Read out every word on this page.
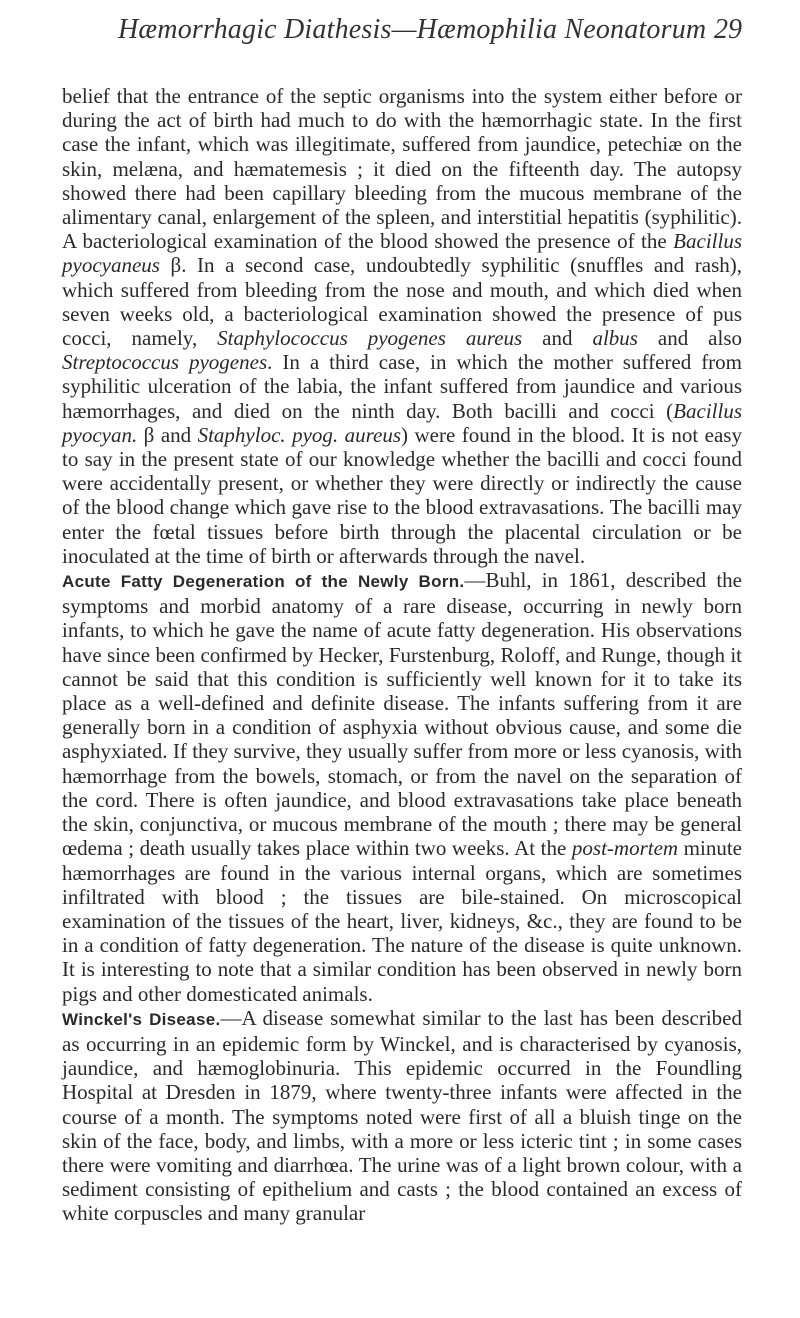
Hæmorrhagic Diathesis—Hæmophilia Neonatorum 29

belief that the entrance of the septic organisms into the system either before or during the act of birth had much to do with the hæmorrhagic state. In the first case the infant, which was illegitimate, suffered from jaundice, petechiæ on the skin, melæna, and hæmatemesis ; it died on the fifteenth day. The autopsy showed there had been capillary bleeding from the mucous membrane of the alimentary canal, enlargement of the spleen, and interstitial hepatitis (syphilitic). A bacteriological examination of the blood showed the presence of the Bacillus pyocyaneus β. In a second case, undoubtedly syphilitic (snuffles and rash), which suffered from bleeding from the nose and mouth, and which died when seven weeks old, a bacteriological examination showed the presence of pus cocci, namely, Staphylococcus pyogenes aureus and albus and also Streptococcus pyogenes. In a third case, in which the mother suffered from syphilitic ulceration of the labia, the infant suffered from jaundice and various hæmorrhages, and died on the ninth day. Both bacilli and cocci (Bacillus pyocyan. β and Staphyloc. pyog. aureus) were found in the blood. It is not easy to say in the present state of our knowledge whether the bacilli and cocci found were accidentally present, or whether they were directly or indirectly the cause of the blood change which gave rise to the blood extravasations. The bacilli may enter the fœtal tissues before birth through the placental circulation or be inoculated at the time of birth or afterwards through the navel.

Acute Fatty Degeneration of the Newly Born.—Buhl, in 1861, described the symptoms and morbid anatomy of a rare disease, occurring in newly born infants, to which he gave the name of acute fatty degeneration. His observations have since been confirmed by Hecker, Furstenburg, Roloff, and Runge, though it cannot be said that this condition is sufficiently well known for it to take its place as a well-defined and definite disease. The infants suffering from it are generally born in a condition of asphyxia without obvious cause, and some die asphyxiated. If they survive, they usually suffer from more or less cyanosis, with hæmorrhage from the bowels, stomach, or from the navel on the separation of the cord. There is often jaundice, and blood extravasations take place beneath the skin, conjunctiva, or mucous membrane of the mouth ; there may be general œdema ; death usually takes place within two weeks. At the post-mortem minute hæmorrhages are found in the various internal organs, which are sometimes infiltrated with blood ; the tissues are bile-stained. On microscopical examination of the tissues of the heart, liver, kidneys, &c., they are found to be in a condition of fatty degeneration. The nature of the disease is quite unknown. It is interesting to note that a similar condition has been observed in newly born pigs and other domesticated animals.

Winckel's Disease.—A disease somewhat similar to the last has been described as occurring in an epidemic form by Winckel, and is characterised by cyanosis, jaundice, and hæmoglobinuria. This epidemic occurred in the Foundling Hospital at Dresden in 1879, where twenty-three infants were affected in the course of a month. The symptoms noted were first of all a bluish tinge on the skin of the face, body, and limbs, with a more or less icteric tint ; in some cases there were vomiting and diarrhœa. The urine was of a light brown colour, with a sediment consisting of epithelium and casts ; the blood contained an excess of white corpuscles and many granular
